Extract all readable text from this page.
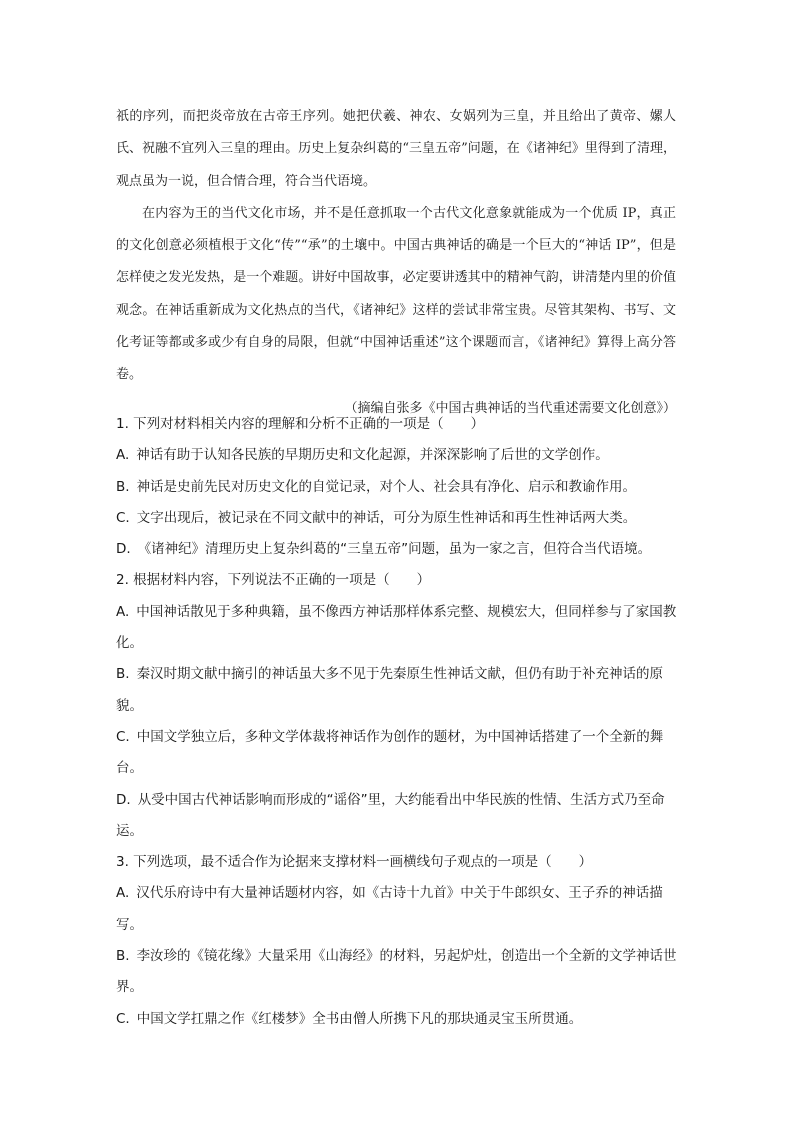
祇的序列，而把炎帝放在古帝王序列。她把伏羲、神农、女娲列为三皇，并且给出了黄帝、嫘人氏、祝融不宜列入三皇的理由。历史上复杂纠葛的“三皇五帝”问题，在《诸神纪》里得到了清理，观点虽为一说，但合情合理，符合当代语境。

在内容为王的当代文化市场，并不是任意抓取一个古代文化意象就能成为一个优质 IP，真正的文化创意必须植根于文化“传”“承”的土壤中。中国古典神话的确是一个巨大的“神话 IP”，但是怎样使之发光发热，是一个难题。讲好中国故事，必定要讲透其中的精神气韵，讲清楚内里的价值观念。在神话重新成为文化热点的当代，《诸神纪》这样的尝试非常宝贵。尽管其架构、书写、文化考证等都或多或少有自身的局限，但就“中国神话重述”这个课题而言，《诸神纪》算得上高分答卷。

（摘编自张多《中国古典神话的当代重述需要文化创意》）

1. 下列对材料相关内容的理解和分析不正确的一项是（　　）

A. 神话有助于认知各民族的早期历史和文化起源，并深深影响了后世的文学创作。

B. 神话是史前先民对历史文化的自觉记录，对个人、社会具有净化、启示和教谕作用。

C. 文字出现后，被记录在不同文献中的神话，可分为原生性神话和再生性神话两大类。

D. 《诸神纪》清理历史上复杂纠葛的“三皇五帝”问题，虽为一家之言，但符合当代语境。

2. 根据材料内容，下列说法不正确的一项是（　　）

A. 中国神话散见于多种典籍，虽不像西方神话那样体系完整、规模宏大，但同样参与了家国教化。

B. 秦汉时期文献中摘引的神话虽大多不见于先秦原生性神话文献，但仍有助于补充神话的原貌。

C. 中国文学独立后，多种文学体裁将神话作为创作的题材，为中国神话搭建了一个全新的舞台。

D. 从受中国古代神话影响而形成的“谣俗”里，大约能看出中华民族的性情、生活方式乃至命运。

3. 下列选项，最不适合作为论据来支撑材料一画横线句子观点的一项是（　　）

A. 汉代乐府诗中有大量神话题材内容，如《古诗十九首》中关于牛郎织女、王子乔的神话描写。

B. 李汝珍的《镜花缘》大量采用《山海经》的材料，另起炉灶，创造出一个全新的文学神话世界。

C. 中国文学扛鼎之作《红楼梦》全书由僧人所携下凡的那块通灵宝玉所贯通。
